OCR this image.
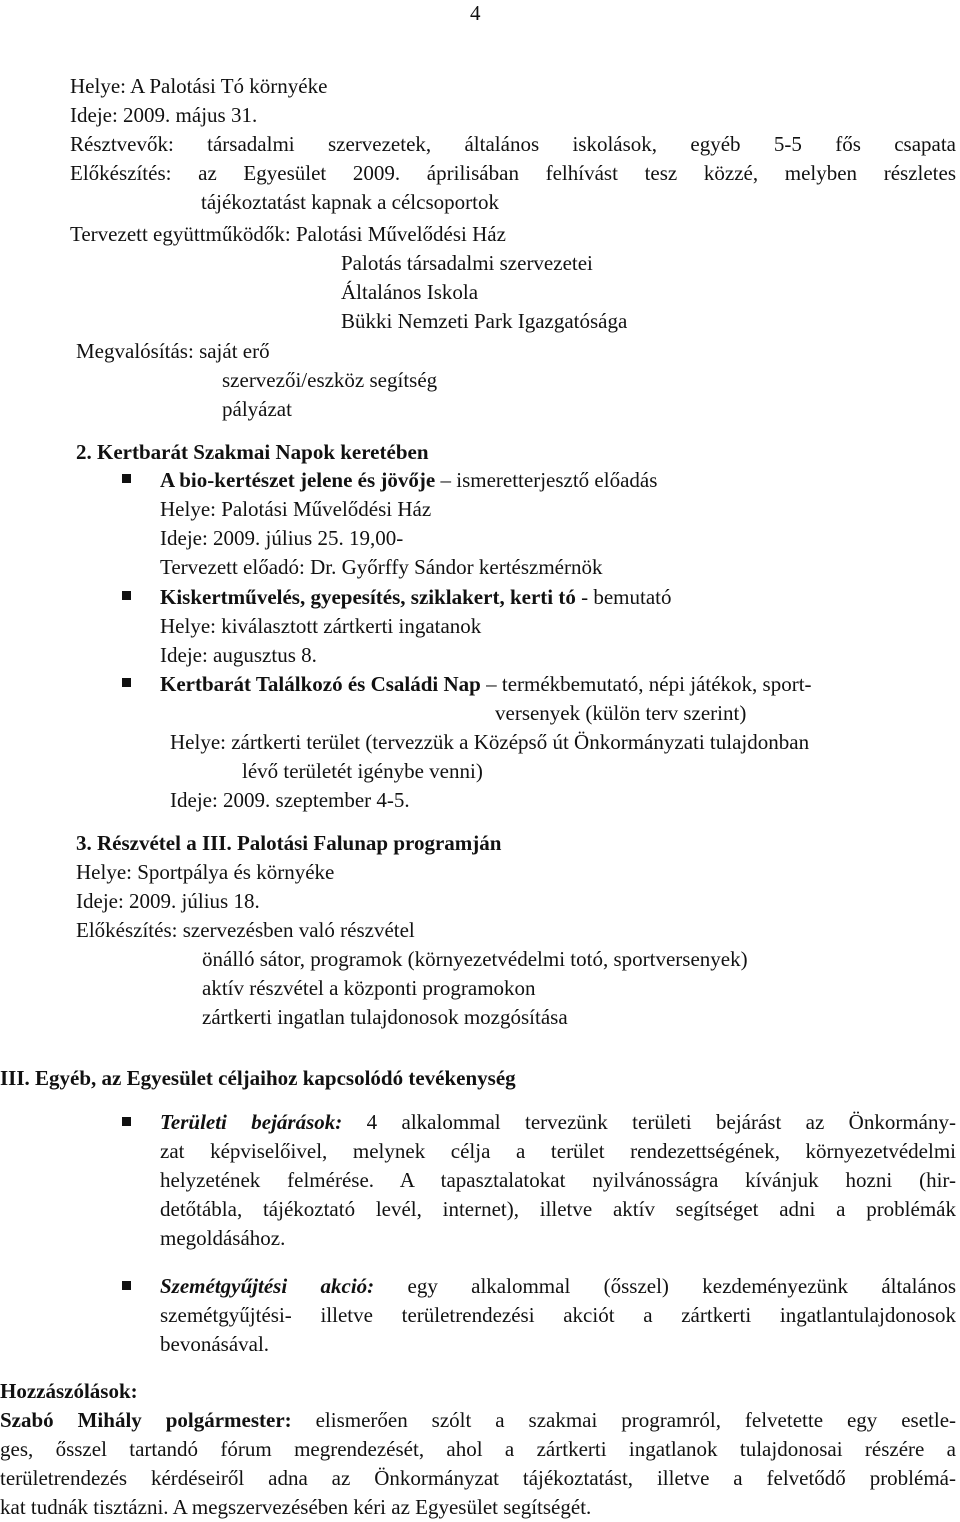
4
Helye: A Palotási Tó környéke
Ideje: 2009. május 31.
Résztvevők: társadalmi szervezetek, általános iskolások, egyéb 5-5 fős csapata
Előkészítés: az Egyesület 2009. áprilisában felhívást tesz közzé, melyben részletes
tájékoztatást kapnak a célcsoportok
Tervezett együttműködők: Palotási Művelődési Ház
Palotás társadalmi szervezetei
Általános Iskola
Bükki Nemzeti Park Igazgatósága
Megvalósítás: saját erő
szervezői/eszköz segítség
pályázat
2. Kertbarát Szakmai Napok keretében
A bio-kertészet jelene és jövője – ismeretterjesztő előadás
Helye: Palotási Művelődési Ház
Ideje: 2009. július 25. 19,00-
Tervezett előadó: Dr. Győrffy Sándor kertészmérnök
Kiskertművelés, gyepesítés, sziklakert, kerti tó - bemutató
Helye: kiválasztott zártkerti ingatanok
Ideje: augusztus 8.
Kertbarát Találkozó és Családi Nap – termékbemutató, népi játékok, sport-
versenyek (külön terv szerint)
Helye: zártkerti terület (tervezzük a Középső út Önkormányzati tulajdonban
lévő területét igénybe venni)
Ideje: 2009. szeptember 4-5.
3. Részvétel a III. Palotási Falunap programján
Helye: Sportpálya és környéke
Ideje: 2009. július 18.
Előkészítés: szervezésben való részvétel
önálló sátor, programok (környezetvédelmi totó, sportversenyek)
aktív részvétel a központi programokon
zártkerti ingatlan tulajdonosok mozgósítása
III. Egyéb, az Egyesület céljaihoz kapcsolódó tevékenység
Területi bejárások: 4 alkalommal tervezünk területi bejárást az Önkormány-
zat képviselőivel, melynek célja a terület rendezettségének, környezetvédelmi
helyzetének felmérése. A tapasztalatokat nyilvánosságra kívánjuk hozni (hir-
detőtábla, tájékoztató levél, internet), illetve aktív segítséget adni a problémák
megoldásához.
Szemétgyűjtési akció: egy alkalommal (ősszel) kezdeményezünk általános
szemétgyűjtési- illetve területrendezési akciót a zártkerti ingatlantulajdonosok
bevonásával.
Hozzászólások:
Szabó Mihály polgármester: elismerően szólt a szakmai programról, felvetette egy esetle-
ges, ősszel tartandó fórum megrendezését, ahol a zártkerti ingatlanok tulajdonosai részére a
területrendezés kérdéseiről adna az Önkormányzat tájékoztatást, illetve a felvetődő problémá-
kat tudnák tisztázni. A megszervezésében kéri az Egyesület segítségét.
